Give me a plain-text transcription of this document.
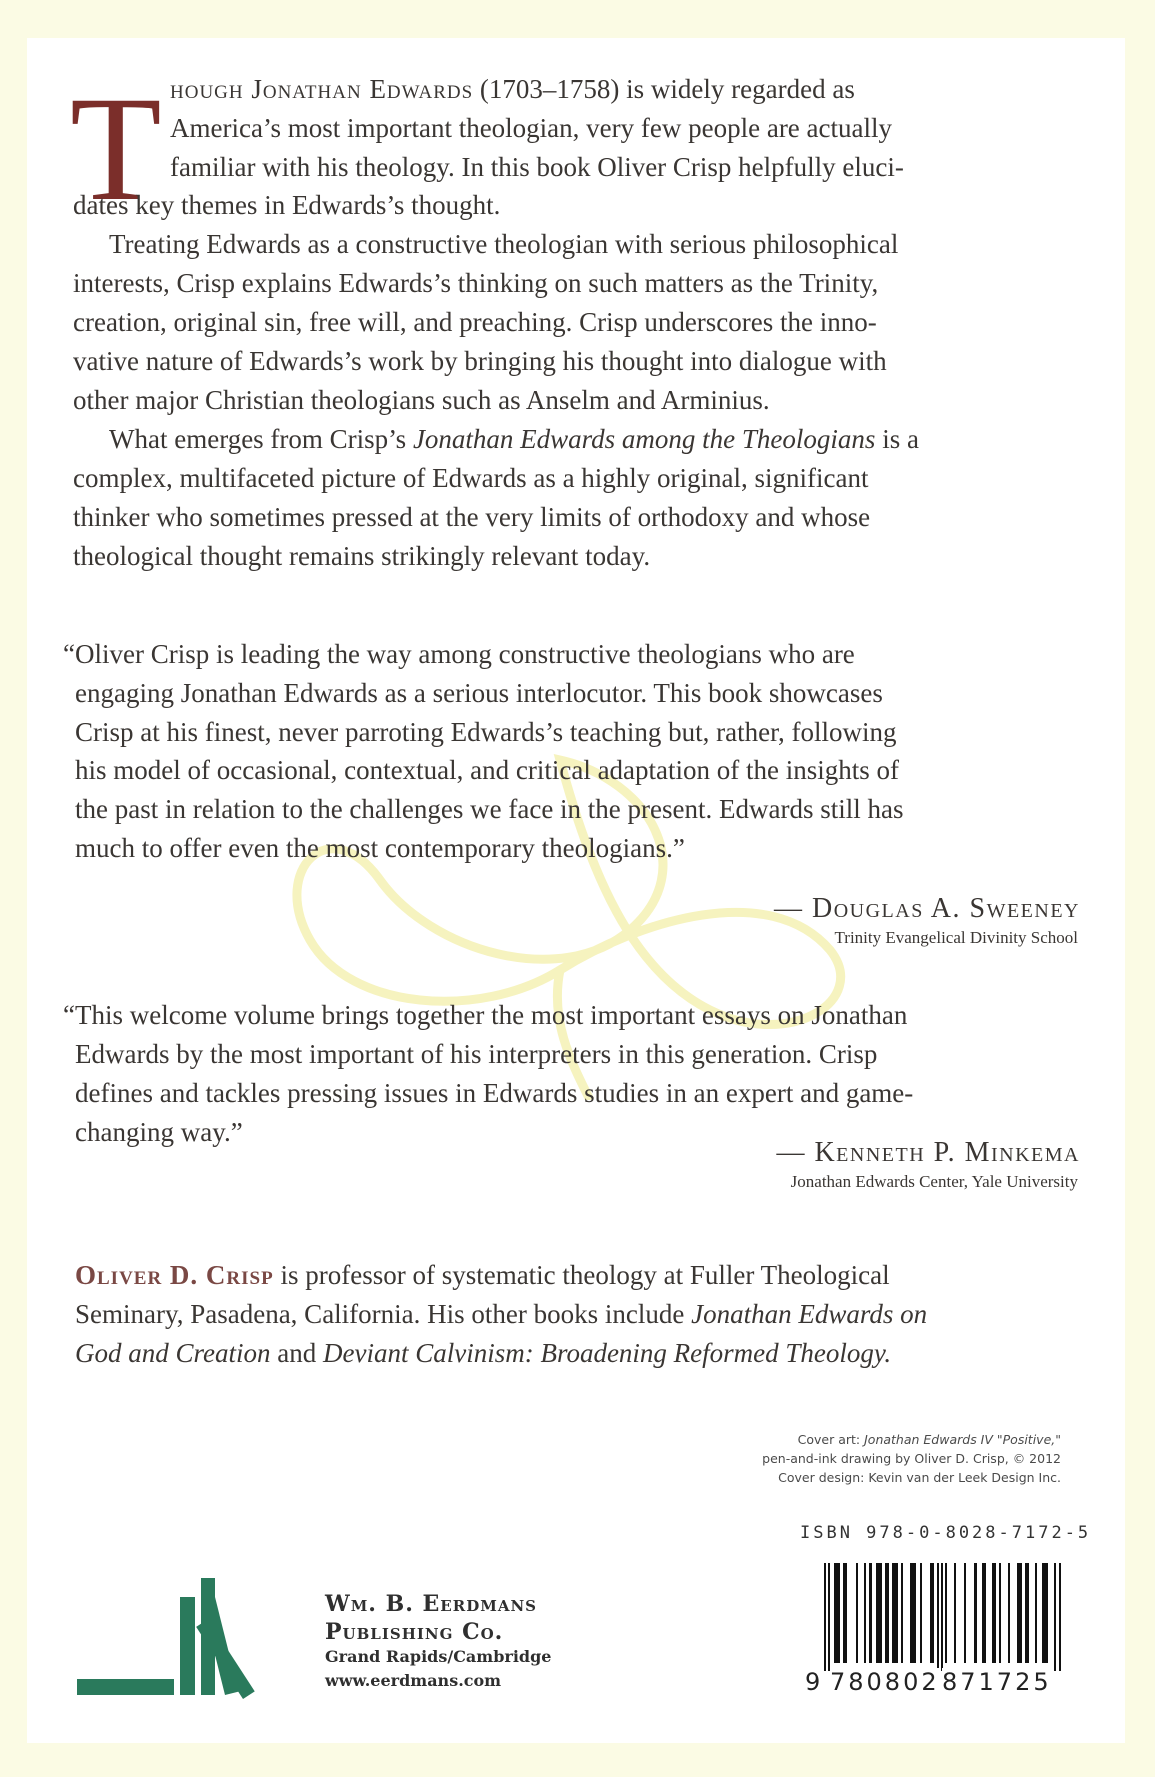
T hough Jonathan Edwards (1703–1758) is widely regarded as
America’s most important theologian, very few people are actually
familiar with his theology. In this book Oliver Crisp helpfully eluci-
dates key themes in Edwards’s thought.
Treating Edwards as a constructive theologian with serious philosophical
interests, Crisp explains Edwards’s thinking on such matters as the Trinity,
creation, original sin, free will, and preaching. Crisp underscores the inno-
vative nature of Edwards’s work by bringing his thought into dialogue with
other major Christian theologians such as Anselm and Arminius.
What emerges from Crisp’s Jonathan Edwards among the Theologians is a
complex, multifaceted picture of Edwards as a highly original, significant
thinker who sometimes pressed at the very limits of orthodoxy and whose
theological thought remains strikingly relevant today.
“Oliver Crisp is leading the way among constructive theologians who are
engaging Jonathan Edwards as a serious interlocutor. This book showcases
Crisp at his finest, never parroting Edwards’s teaching but, rather, following
his model of occasional, contextual, and critical adaptation of the insights of
the past in relation to the challenges we face in the present. Edwards still has
much to offer even the most contemporary theologians.”
— Douglas A. Sweeney
Trinity Evangelical Divinity School
“This welcome volume brings together the most important essays on Jonathan
Edwards by the most important of his interpreters in this generation. Crisp
defines and tackles pressing issues in Edwards studies in an expert and game-
changing way.”
— Kenneth P. Minkema
Jonathan Edwards Center, Yale University
Oliver D. Crisp is professor of systematic theology at Fuller Theological
Seminary, Pasadena, California. His other books include Jonathan Edwards on
God and Creation and Deviant Calvinism: Broadening Reformed Theology.
Cover art: Jonathan Edwards IV "Positive,"
pen-and-ink drawing by Oliver D. Crisp, © 2012
Cover design: Kevin van der Leek Design Inc.
ISBN 978-0-8028-7172-5
9 780802 871725
Wm. B. Eerdmans
Publishing Co.
Grand Rapids/Cambridge
www.eerdmans.com
